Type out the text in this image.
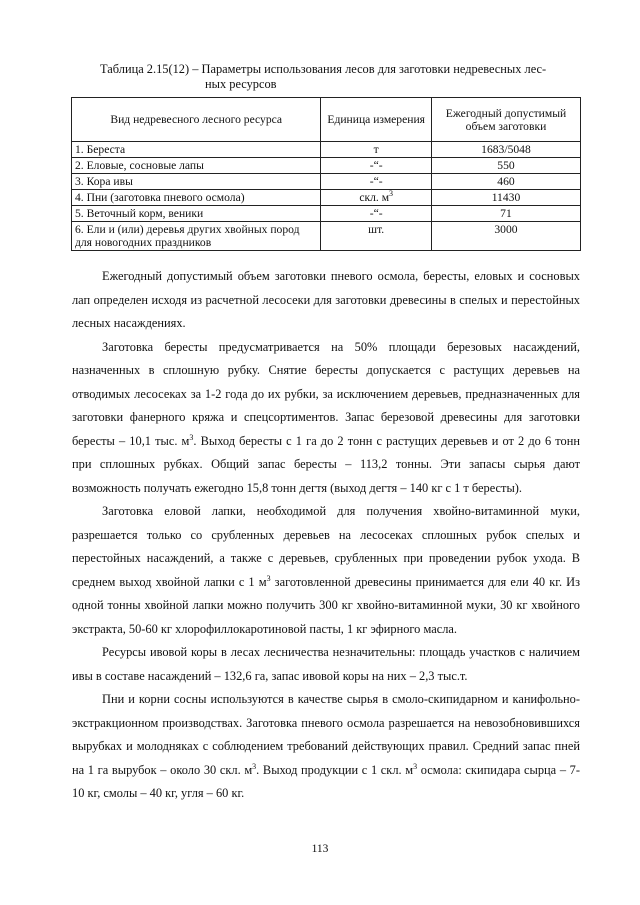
Таблица 2.15(12) – Параметры использования лесов для заготовки недревесных лес-
ных ресурсов
Вид недревесного лесного ресурса	Единица измерения	Ежегодный допустимый объем заготовки
1. Береста	т	1683/5048
2. Еловые, сосновые лапы	-“-	550
3. Кора ивы	-“-	460
4. Пни (заготовка пневого осмола)	скл. $м^3$	11430
5. Веточный корм, веники	-“-	71
6. Ели и (или) деревья других хвойных пород для новогодних праздников	шт.	3000

Ежегодный допустимый объем заготовки пневого осмола, бересты, еловых и сосновых лап определен исходя из расчетной лесосеки для заготовки древесины в спелых и перестойных лесных насаждениях.

Заготовка бересты предусматривается на 50% площади березовых насаждений, назначенных в сплошную рубку. Снятие бересты допускается с растущих деревьев на отводимых лесосеках за 1-2 года до их рубки, за исключением деревьев, предназначенных для заготовки фанерного кряжа и спецсортиментов. Запас березовой древесины для заготовки бересты – 10,1 тыс. $м^3$. Выход бересты с 1 га до 2 тонн с растущих деревьев и от 2 до 6 тонн при сплошных рубках. Общий запас бересты – 113,2 тонны. Эти запасы сырья дают возможность получать ежегодно 15,8 тонн дегтя (выход дегтя – 140 кг с 1 т бересты).

Заготовка еловой лапки, необходимой для получения хвойно-витаминной муки, разрешается только со срубленных деревьев на лесосеках сплошных рубок спелых и перестойных насаждений, а также с деревьев, срубленных при проведении рубок ухода. В среднем выход хвойной лапки с 1 $м^3$ заготовленной древесины принимается для ели 40 кг. Из одной тонны хвойной лапки можно получить 300 кг хвойно-витаминной муки, 30 кг хвойного экстракта, 50-60 кг хлорофиллокаротиновой пасты, 1 кг эфирного масла.

Ресурсы ивовой коры в лесах лесничества незначительны: площадь участков с наличием ивы в составе насаждений – 132,6 га, запас ивовой коры на них – 2,3 тыс.т.

Пни и корни сосны используются в качестве сырья в смоло-скипидарном и канифольно-экстракционном производствах. Заготовка пневого осмола разрешается на невозобновившихся вырубках и молодняках с соблюдением требований действующих правил. Средний запас пней на 1 га вырубок – около 30 скл. $м^3$. Выход продукции с 1 скл. $м^3$ осмола: скипидара сырца – 7-10 кг, смолы – 40 кг, угля – 60 кг.

113
